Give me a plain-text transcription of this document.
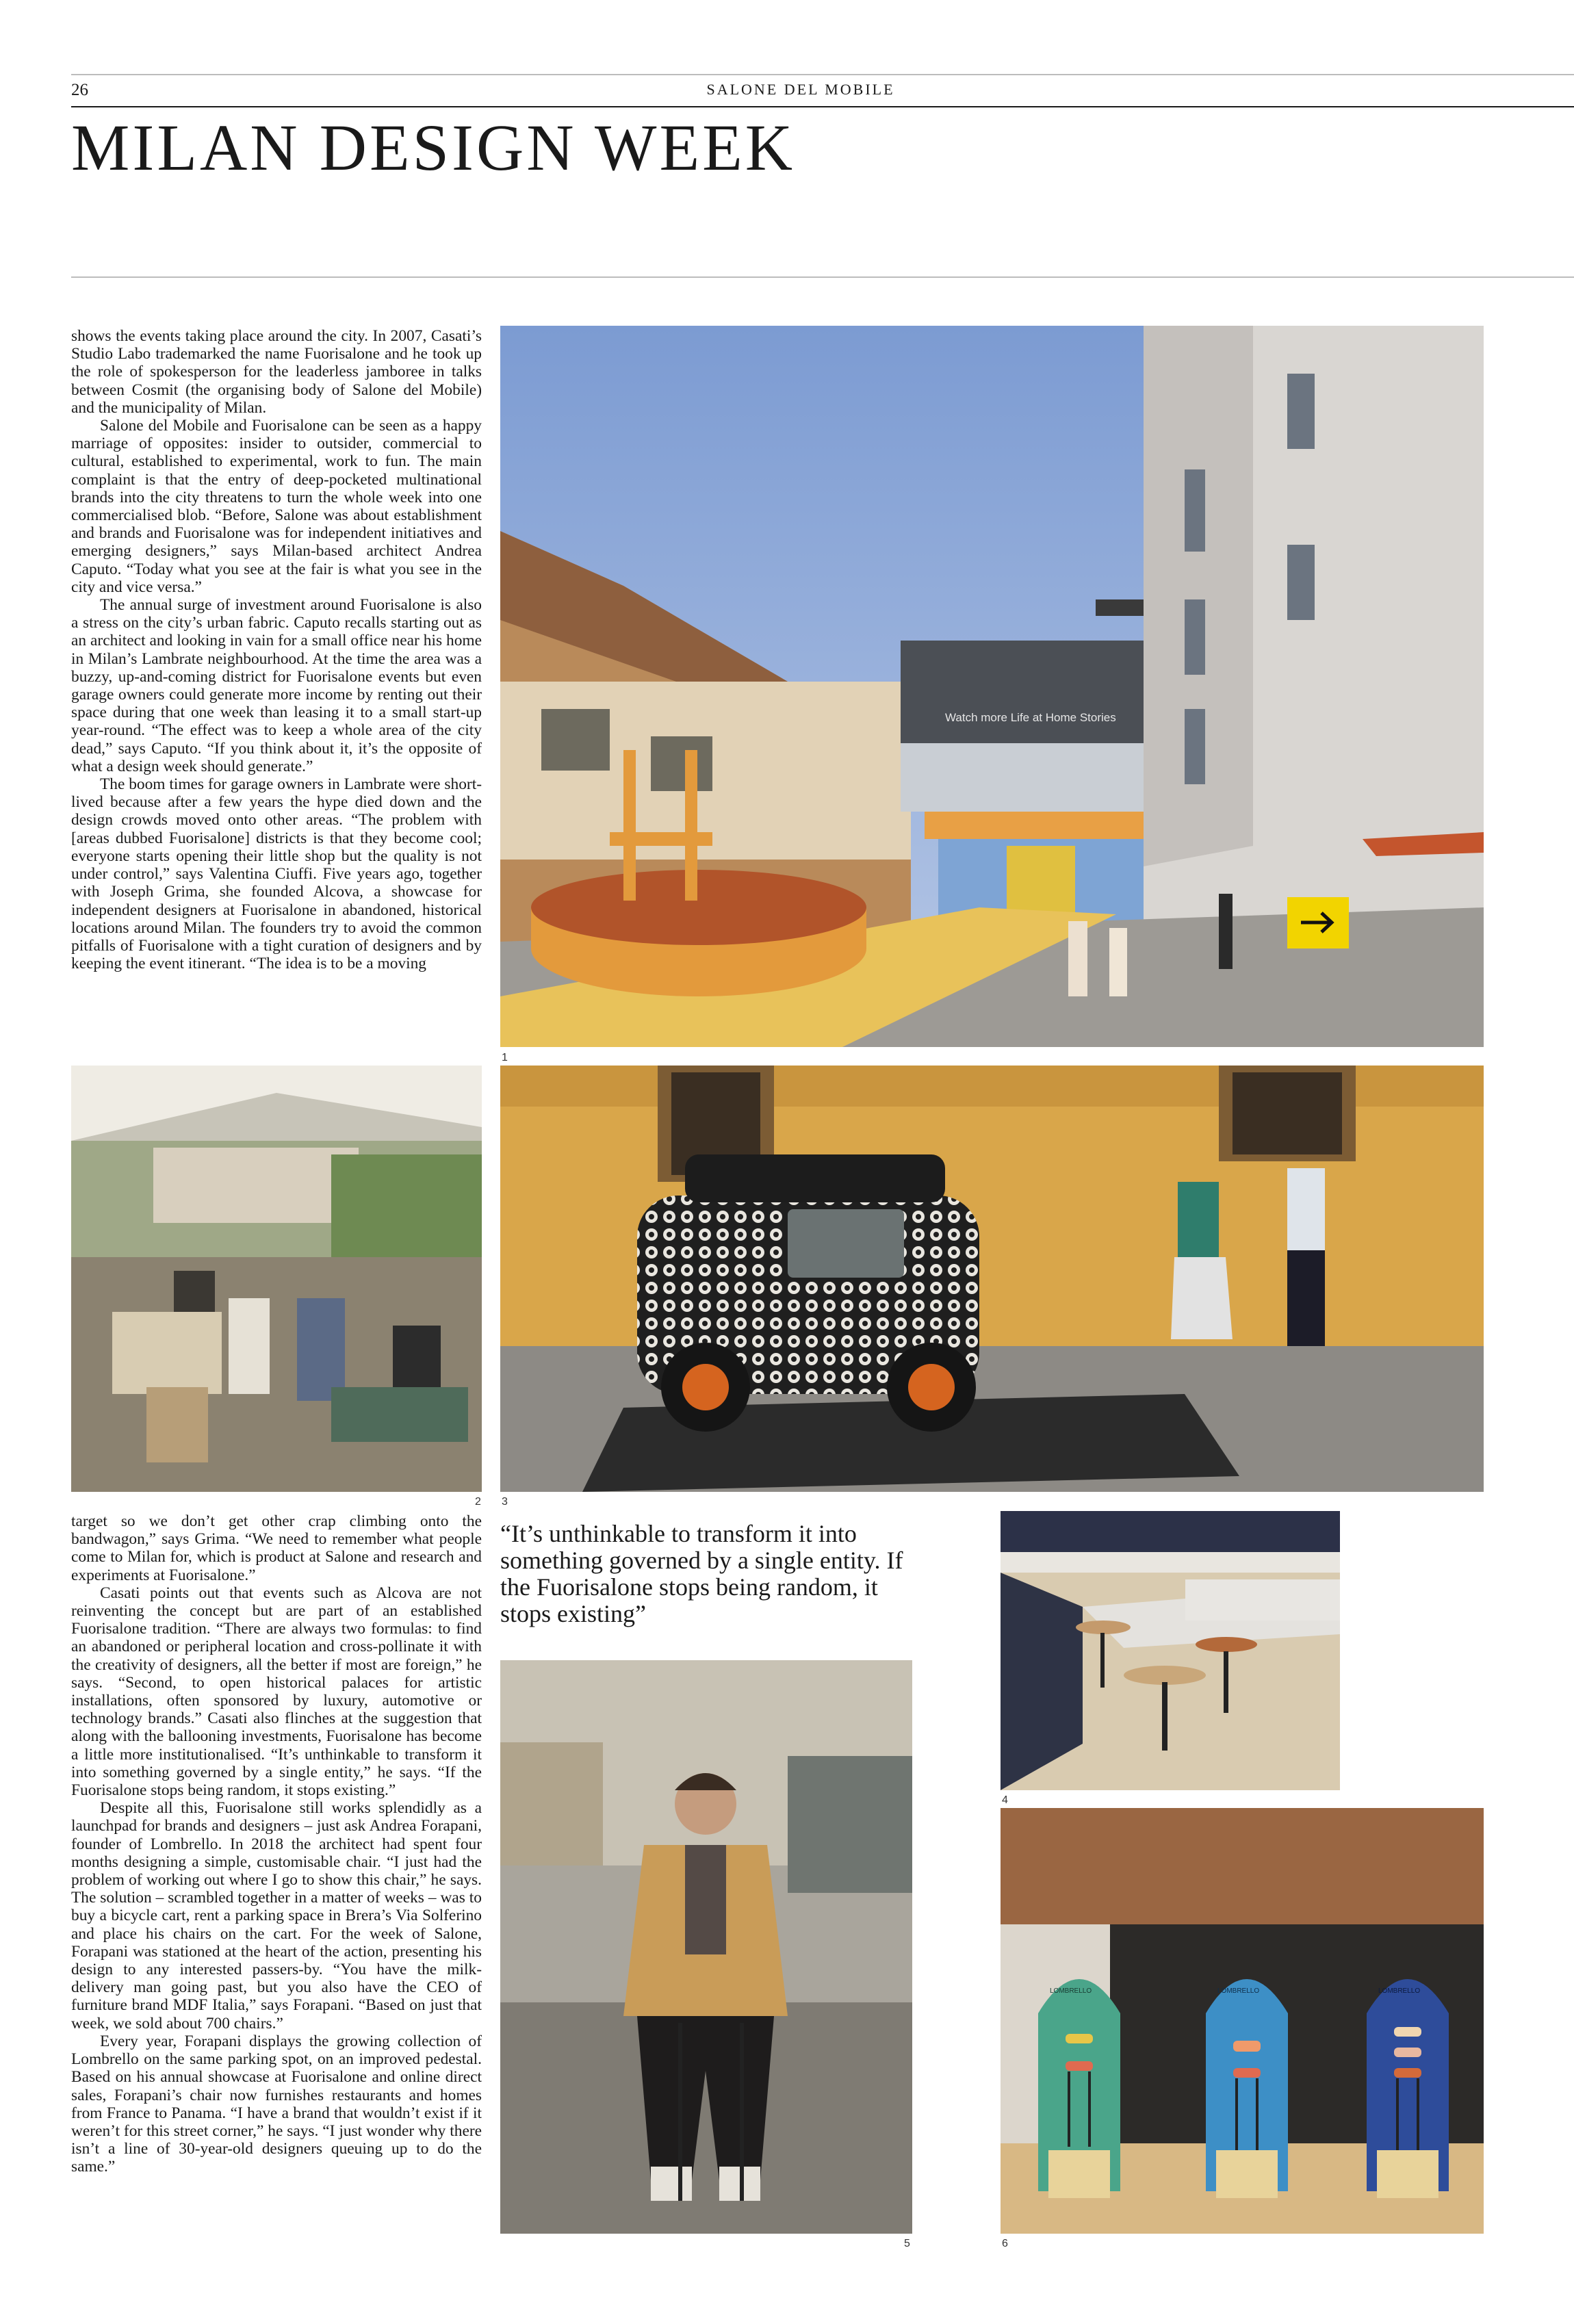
26	SALONE DEL MOBILE
MILAN DESIGN WEEK

shows the events taking place around the city. In 2007, Casati’s Studio Labo trademarked the name Fuorisalone and he took up the role of spokesperson for the leaderless jamboree in talks between Cosmit (the organising body of Salone del Mobile) and the municipality of Milan.

Salone del Mobile and Fuorisalone can be seen as a happy marriage of opposites: insider to outsider, commercial to cultural, established to experimental, work to fun. The main complaint is that the entry of deep-pocketed multinational brands into the city threatens to turn the whole week into one commercialised blob. “Before, Salone was about establishment and brands and Fuorisalone was for independent initiatives and emerging designers,” says Milan-based architect Andrea Caputo. “Today what you see at the fair is what you see in the city and vice versa.”

The annual surge of investment around Fuorisalone is also a stress on the city’s urban fabric. Caputo recalls starting out as an architect and looking in vain for a small office near his home in Milan’s Lambrate neighbourhood. At the time the area was a buzzy, up-and-coming district for Fuorisalone events but even garage owners could generate more income by renting out their space during that one week than leasing it to a small start-up year-round. “The effect was to keep a whole area of the city dead,” says Caputo. “If you think about it, it’s the opposite of what a design week should generate.”

The boom times for garage owners in Lambrate were short-lived because after a few years the hype died down and the design crowds moved onto other areas. “The problem with [areas dubbed Fuorisalone] districts is that they become cool; everyone starts opening their little shop but the quality is not under control,” says Valentina Ciuffi. Five years ago, together with Joseph Grima, she founded Alcova, a showcase for independent designers at Fuorisalone in abandoned, historical locations around Milan. The founders try to avoid the common pitfalls of Fuorisalone with a tight curation of designers and by keeping the event itinerant. “The idea is to be a moving

Watch more Life at Home Stories
1
2 3

target so we don’t get other crap climbing onto the bandwagon,” says Grima. “We need to remember what people come to Milan for, which is product at Salone and research and experiments at Fuorisalone.”

Casati points out that events such as Alcova are not reinventing the concept but are part of an established Fuorisalone tradition. “There are always two formulas: to find an abandoned or peripheral location and cross-pollinate it with the creativity of designers, all the better if most are foreign,” he says. “Second, to open historical palaces for artistic installations, often sponsored by luxury, automotive or technology brands.” Casati also flinches at the suggestion that along with the ballooning investments, Fuorisalone has become a little more institutionalised. “It’s unthinkable to transform it into something governed by a single entity,” he says. “If the Fuorisalone stops being random, it stops existing.”

Despite all this, Fuorisalone still works splendidly as a launchpad for brands and designers – just ask Andrea Forapani, founder of Lombrello. In 2018 the architect had spent four months designing a simple, customisable chair. “I just had the problem of working out where I go to show this chair,” he says. The solution – scrambled together in a matter of weeks – was to buy a bicycle cart, rent a parking space in Brera’s Via Solferino and place his chairs on the cart. For the week of Salone, Forapani was stationed at the heart of the action, presenting his design to any interested passers-by. “You have the milk-delivery man going past, but you also have the CEO of furniture brand MDF Italia,” says Forapani. “Based on just that week, we sold about 700 chairs.”

Every year, Forapani displays the growing collection of Lombrello on the same parking spot, on an improved pedestal. Based on his annual showcase at Fuorisalone and online direct sales, Forapani’s chair now furnishes restaurants and homes from France to Panama. “I have a brand that wouldn’t exist if it weren’t for this street corner,” he says. “I just wonder why there isn’t a line of 30-year-old designers queuing up to do the same.”

“It’s unthinkable to transform it into something governed by a single entity. If the Fuorisalone stops being random, it stops existing”

4
5
LOMBRELLO	LOMBRELLO	LOMBRELLO
6
